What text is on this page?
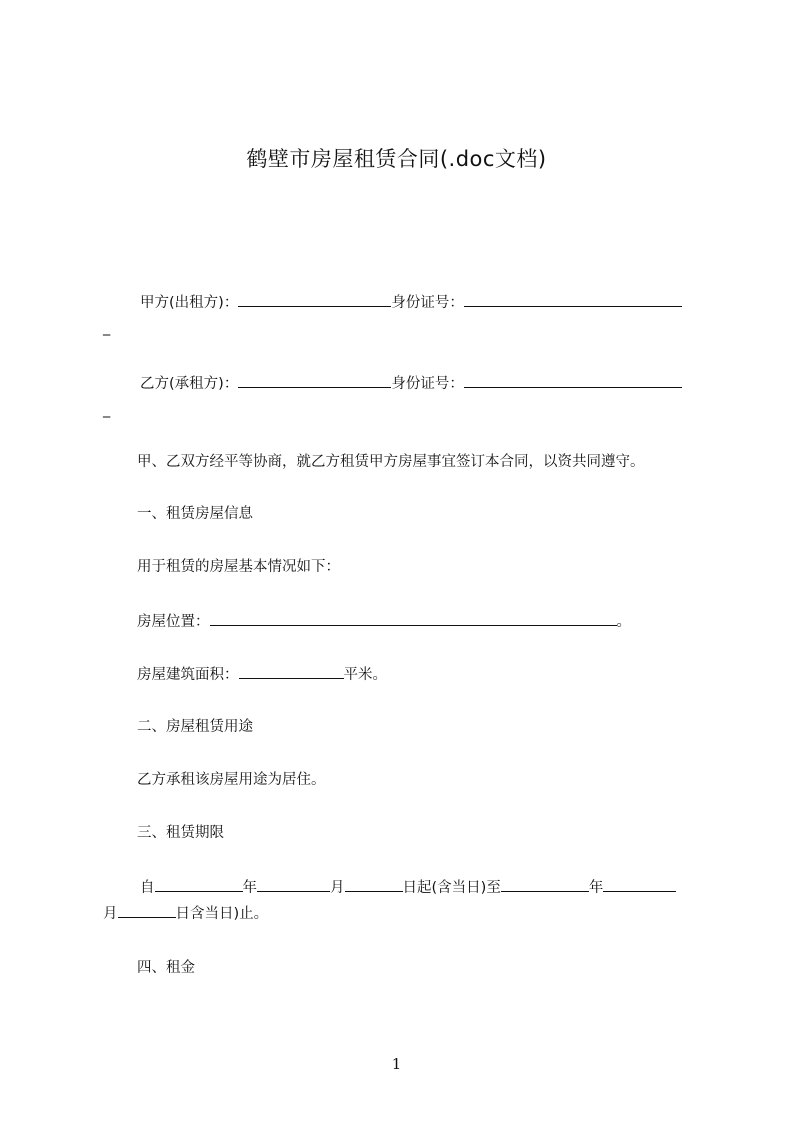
鹤壁市房屋租赁合同(.doc文档)
甲方(出租方)：	身份证号：
_
乙方(承租方)：	身份证号：
_
甲、乙双方经平等协商，就乙方租赁甲方房屋事宜签订本合同，以资共同遵守。
一、租赁房屋信息
用于租赁的房屋基本情况如下：
房屋位置：	。
房屋建筑面积：	平米。
二、房屋租赁用途
乙方承租该房屋用途为居住。
三、租赁期限
自	年	月	日起(含当日)至	年
月	日含当日)止。
四、租金
1
